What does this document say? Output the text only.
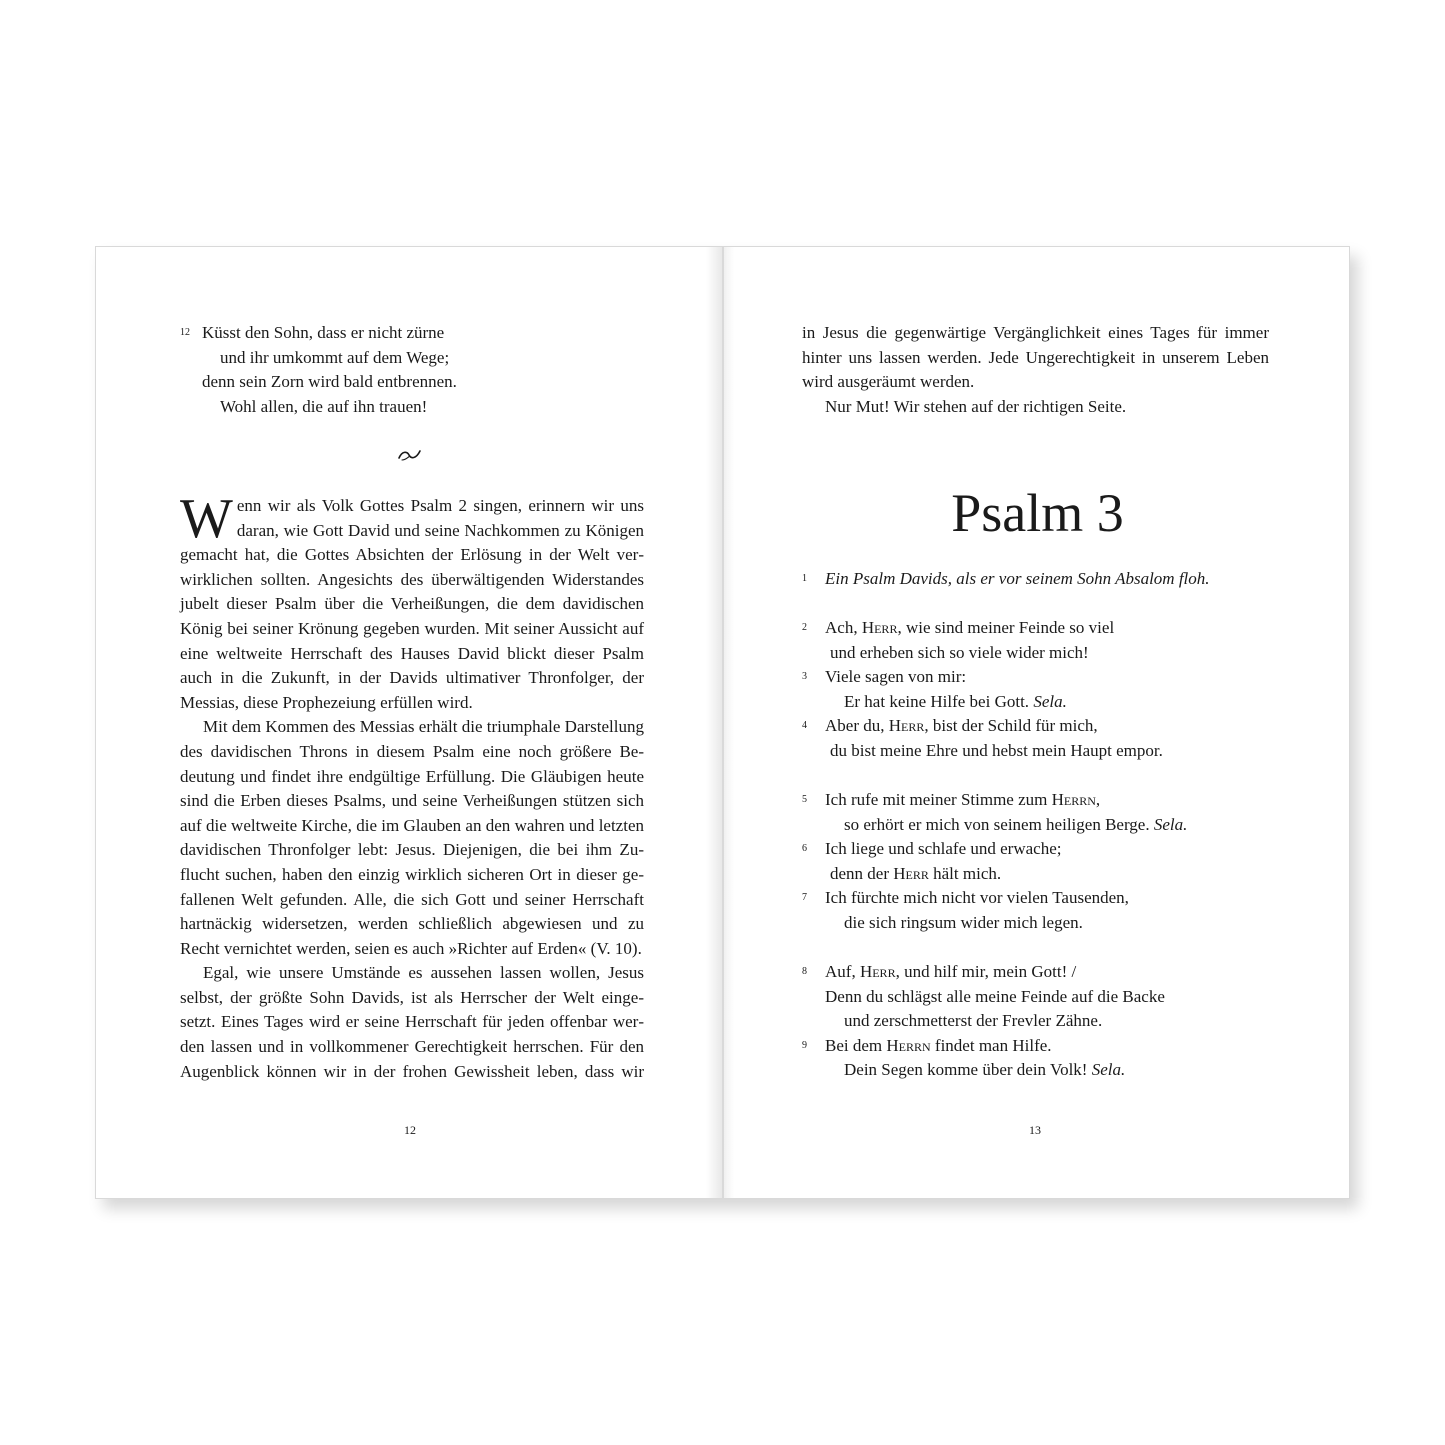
12 Küsst den Sohn, dass er nicht zürne
und ihr umkommt auf dem Wege;
denn sein Zorn wird bald entbrennen.
Wohl allen, die auf ihn trauen!

Wenn wir als Volk Gottes Psalm 2 singen, erinnern wir uns daran, wie Gott David und seine Nachkommen zu Königen gemacht hat, die Gottes Absichten der Erlösung in der Welt verwirklichen sollten. Angesichts des überwältigenden Widerstandes jubelt dieser Psalm über die Verheißungen, die dem davidischen König bei seiner Krönung gegeben wurden. Mit seiner Aussicht auf eine weltweite Herrschaft des Hauses David blickt dieser Psalm auch in die Zukunft, in der Davids ultimativer Thronfolger, der Messias, diese Prophezeiung erfüllen wird.

Mit dem Kommen des Messias erhält die triumphale Darstellung des davidischen Throns in diesem Psalm eine noch größere Bedeutung und findet ihre endgültige Erfüllung. Die Gläubigen heute sind die Erben dieses Psalms, und seine Verheißungen stützen sich auf die weltweite Kirche, die im Glauben an den wahren und letzten davidischen Thronfolger lebt: Jesus. Diejenigen, die bei ihm Zuflucht suchen, haben den einzig wirklich sicheren Ort in dieser gefallenen Welt gefunden. Alle, die sich Gott und seiner Herrschaft hartnäckig widersetzen, werden schließlich abgewiesen und zu Recht vernichtet werden, seien es auch »Richter auf Erden« (V. 10).

Egal, wie unsere Umstände es aussehen lassen wollen, Jesus selbst, der größte Sohn Davids, ist als Herrscher der Welt eingesetzt. Eines Tages wird er seine Herrschaft für jeden offenbar werden lassen und in vollkommener Gerechtigkeit herrschen. Für den Augenblick können wir in der frohen Gewissheit leben, dass wir

12

in Jesus die gegenwärtige Vergänglichkeit eines Tages für immer hinter uns lassen werden. Jede Ungerechtigkeit in unserem Leben wird ausgeräumt werden.

Nur Mut! Wir stehen auf der richtigen Seite.

Psalm 3
1 Ein Psalm Davids, als er vor seinem Sohn Absalom floh.
2 Ach, Herr, wie sind meiner Feinde so viel
und erheben sich so viele wider mich!
3 Viele sagen von mir:
Er hat keine Hilfe bei Gott. Sela.
4 Aber du, Herr, bist der Schild für mich,
du bist meine Ehre und hebst mein Haupt empor.
5 Ich rufe mit meiner Stimme zum Herrn,
so erhört er mich von seinem heiligen Berge. Sela.
6 Ich liege und schlafe und erwache;
denn der Herr hält mich.
7 Ich fürchte mich nicht vor vielen Tausenden,
die sich ringsum wider mich legen.
8 Auf, Herr, und hilf mir, mein Gott! /
Denn du schlägst alle meine Feinde auf die Backe
und zerschmetterst der Frevler Zähne.
9 Bei dem Herrn findet man Hilfe.
Dein Segen komme über dein Volk! Sela.
13
